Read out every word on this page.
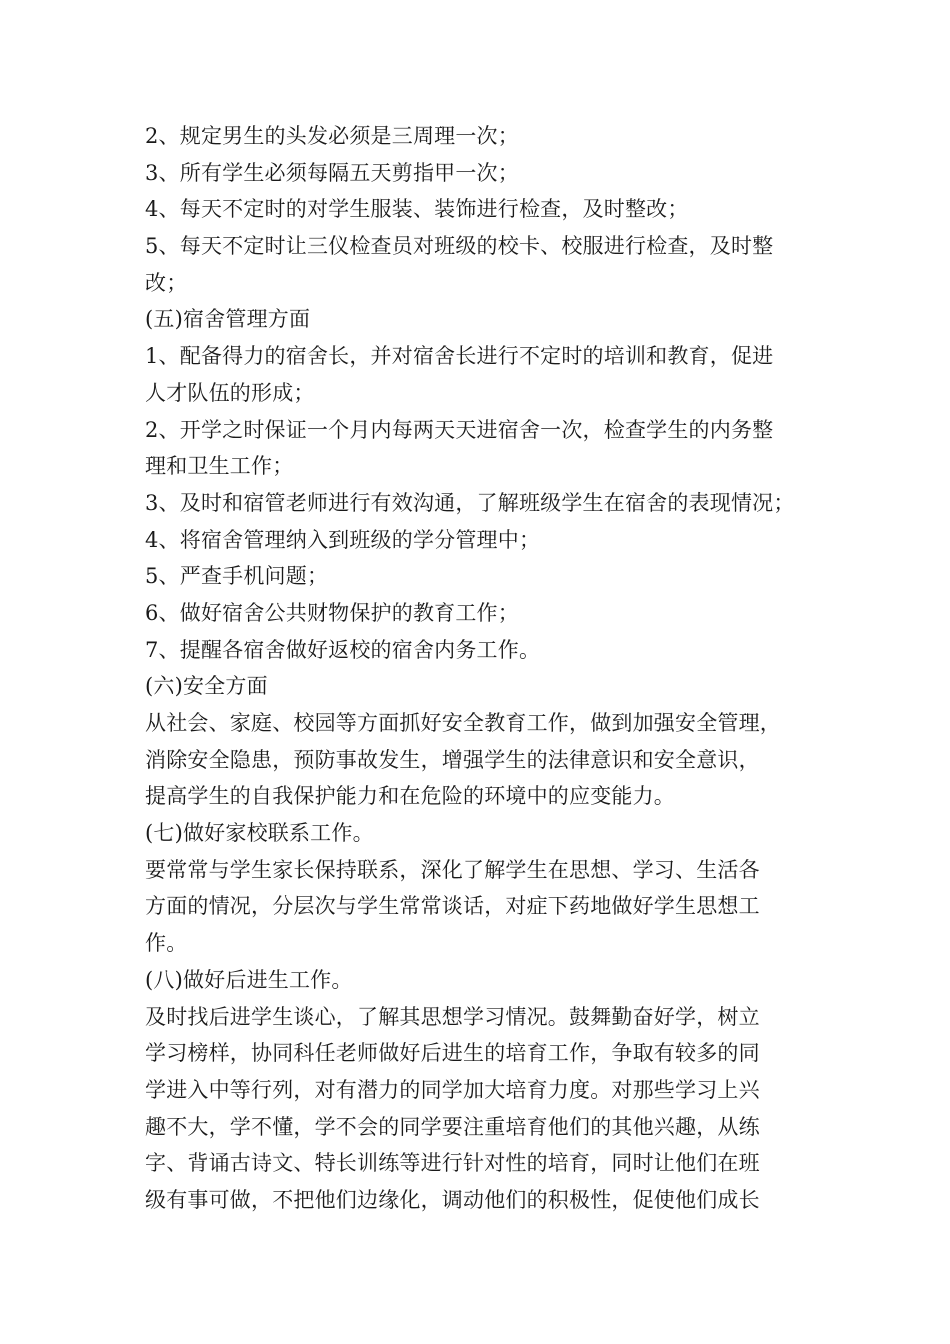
2、规定男生的头发必须是三周理一次；
3、所有学生必须每隔五天剪指甲一次；
4、每天不定时的对学生服装、装饰进行检查，及时整改；
5、每天不定时让三仪检查员对班级的校卡、校服进行检查，及时整
改；
(五)宿舍管理方面
1、配备得力的宿舍长，并对宿舍长进行不定时的培训和教育，促进
人才队伍的形成；
2、开学之时保证一个月内每两天天进宿舍一次，检查学生的内务整
理和卫生工作；
3、及时和宿管老师进行有效沟通，了解班级学生在宿舍的表现情况；
4、将宿舍管理纳入到班级的学分管理中；
5、严查手机问题；
6、做好宿舍公共财物保护的教育工作；
7、提醒各宿舍做好返校的宿舍内务工作。
(六)安全方面
从社会、家庭、校园等方面抓好安全教育工作，做到加强安全管理，
消除安全隐患，预防事故发生，增强学生的法律意识和安全意识，
提高学生的自我保护能力和在危险的环境中的应变能力。
(七)做好家校联系工作。
要常常与学生家长保持联系，深化了解学生在思想、学习、生活各
方面的情况，分层次与学生常常谈话，对症下药地做好学生思想工
作。
(八)做好后进生工作。
及时找后进学生谈心，了解其思想学习情况。鼓舞勤奋好学，树立
学习榜样，协同科任老师做好后进生的培育工作，争取有较多的同
学进入中等行列，对有潜力的同学加大培育力度。对那些学习上兴
趣不大，学不懂，学不会的同学要注重培育他们的其他兴趣，从练
字、背诵古诗文、特长训练等进行针对性的培育，同时让他们在班
级有事可做，不把他们边缘化，调动他们的积极性，促使他们成长
